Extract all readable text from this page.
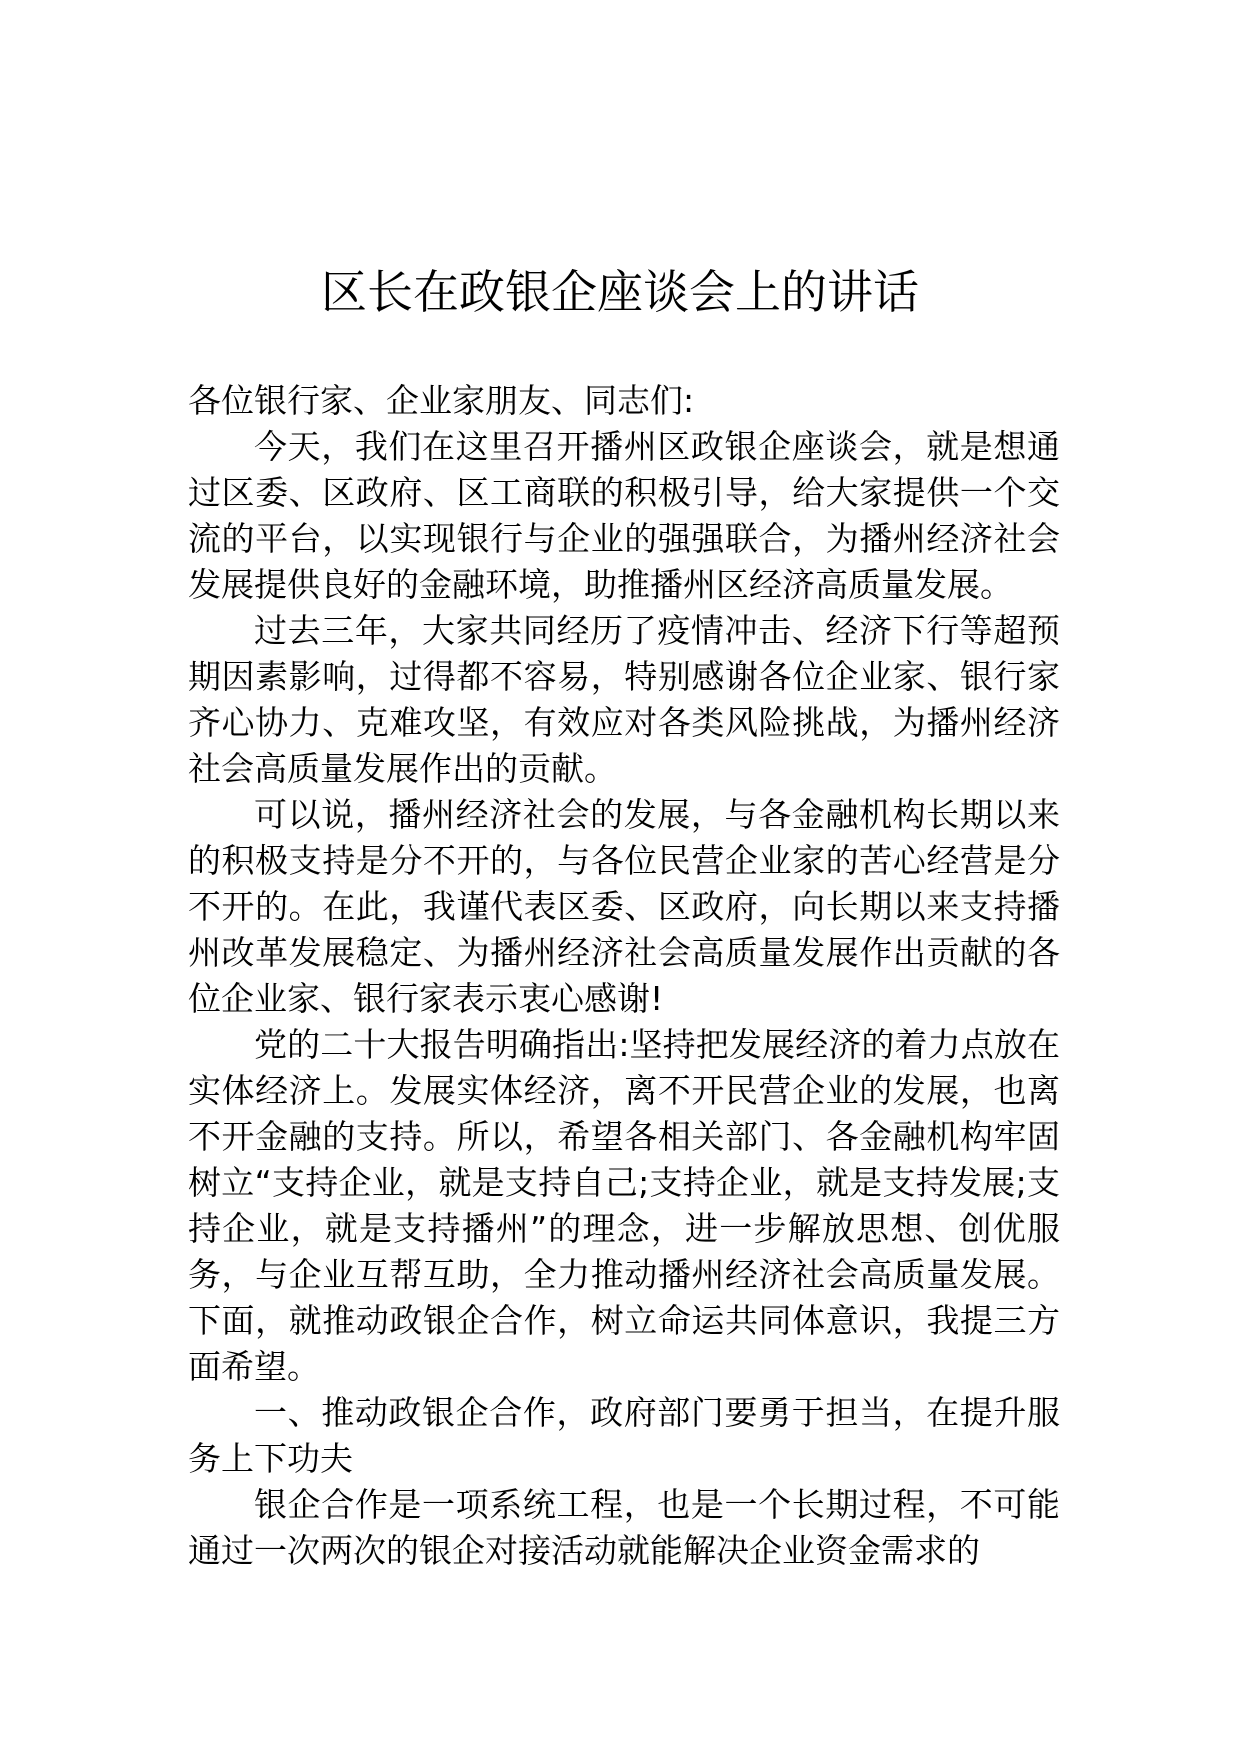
区长在政银企座谈会上的讲话

各位银行家、企业家朋友、同志们:

今天，我们在这里召开播州区政银企座谈会，就是想通过区委、区政府、区工商联的积极引导，给大家提供一个交流的平台，以实现银行与企业的强强联合，为播州经济社会发展提供良好的金融环境，助推播州区经济高质量发展。

过去三年，大家共同经历了疫情冲击、经济下行等超预期因素影响，过得都不容易，特别感谢各位企业家、银行家齐心协力、克难攻坚，有效应对各类风险挑战，为播州经济社会高质量发展作出的贡献。

可以说，播州经济社会的发展，与各金融机构长期以来的积极支持是分不开的，与各位民营企业家的苦心经营是分不开的。在此，我谨代表区委、区政府，向长期以来支持播州改革发展稳定、为播州经济社会高质量发展作出贡献的各位企业家、银行家表示衷心感谢!

党的二十大报告明确指出:坚持把发展经济的着力点放在实体经济上。发展实体经济，离不开民营企业的发展，也离不开金融的支持。所以，希望各相关部门、各金融机构牢固树立“支持企业，就是支持自己;支持企业，就是支持发展;支持企业，就是支持播州”的理念，进一步解放思想、创优服务，与企业互帮互助，全力推动播州经济社会高质量发展。下面，就推动政银企合作，树立命运共同体意识，我提三方面希望。

一、推动政银企合作，政府部门要勇于担当，在提升服务上下功夫

银企合作是一项系统工程，也是一个长期过程，不可能通过一次两次的银企对接活动就能解决企业资金需求的
